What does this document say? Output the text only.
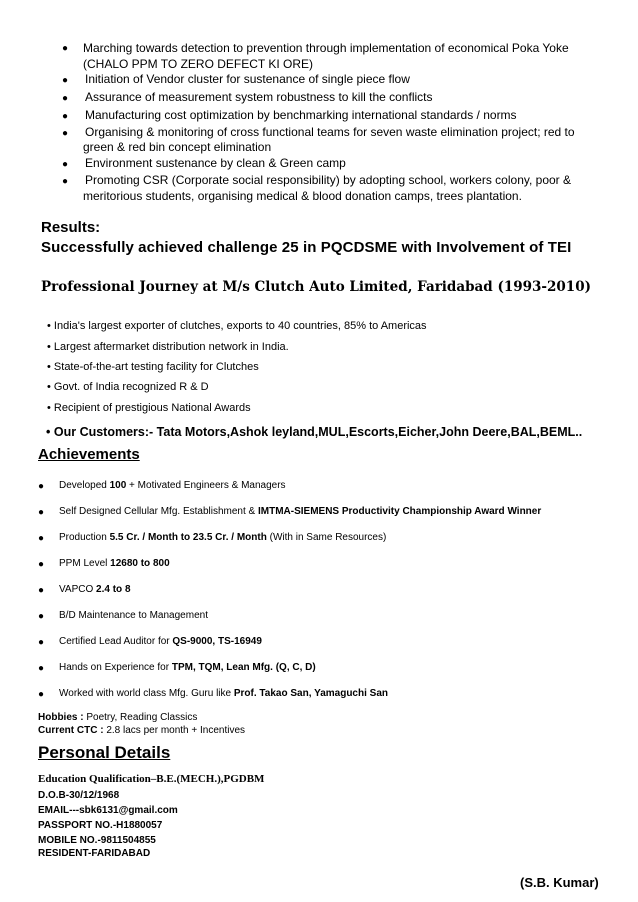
● Marching towards detection to prevention through implementation of economical Poka Yoke
(CHALO PPM TO ZERO DEFECT KI ORE)
● Initiation of Vendor cluster for sustenance of single piece flow
● Assurance of measurement system robustness to kill the conflicts
● Manufacturing cost optimization by benchmarking international standards / norms
● Organising & monitoring of cross functional teams for seven waste elimination project; red to
green & red bin concept elimination
● Environment sustenance by clean & Green camp
● Promoting CSR (Corporate social responsibility) by adopting school, workers colony, poor &
meritorious students, organising medical & blood donation camps, trees plantation.
Results:
Successfully achieved challenge 25 in PQCDSME with Involvement of TEI
Professional Journey at M/s Clutch Auto Limited, Faridabad (1993-2010)
• India's largest exporter of clutches, exports to 40 countries, 85% to Americas
• Largest aftermarket distribution network in India.
• State-of-the-art testing facility for Clutches
• Govt. of India recognized R & D
• Recipient of prestigious National Awards
• Our Customers:- Tata Motors,Ashok leyland,MUL,Escorts,Eicher,John Deere,BAL,BEML..
Achievements
● Developed 100 + Motivated Engineers & Managers
● Self Designed Cellular Mfg. Establishment & IMTMA-SIEMENS Productivity Championship Award Winner
● Production 5.5 Cr. / Month to 23.5 Cr. / Month (With in Same Resources)
● PPM Level 12680 to 800
● VAPCO 2.4 to 8
● B/D Maintenance to Management
● Certified Lead Auditor for QS-9000, TS-16949
● Hands on Experience for TPM, TQM, Lean Mfg. (Q, C, D)
● Worked with world class Mfg. Guru like Prof. Takao San, Yamaguchi San
Hobbies : Poetry, Reading Classics
Current CTC : 2.8 lacs per month + Incentives
Personal Details
Education Qualification–B.E.(MECH.),PGDBM
D.O.B-30/12/1968
EMAIL---sbk6131@gmail.com
PASSPORT NO.-H1880057
MOBILE NO.-9811504855
RESIDENT-FARIDABAD
(S.B. Kumar)
